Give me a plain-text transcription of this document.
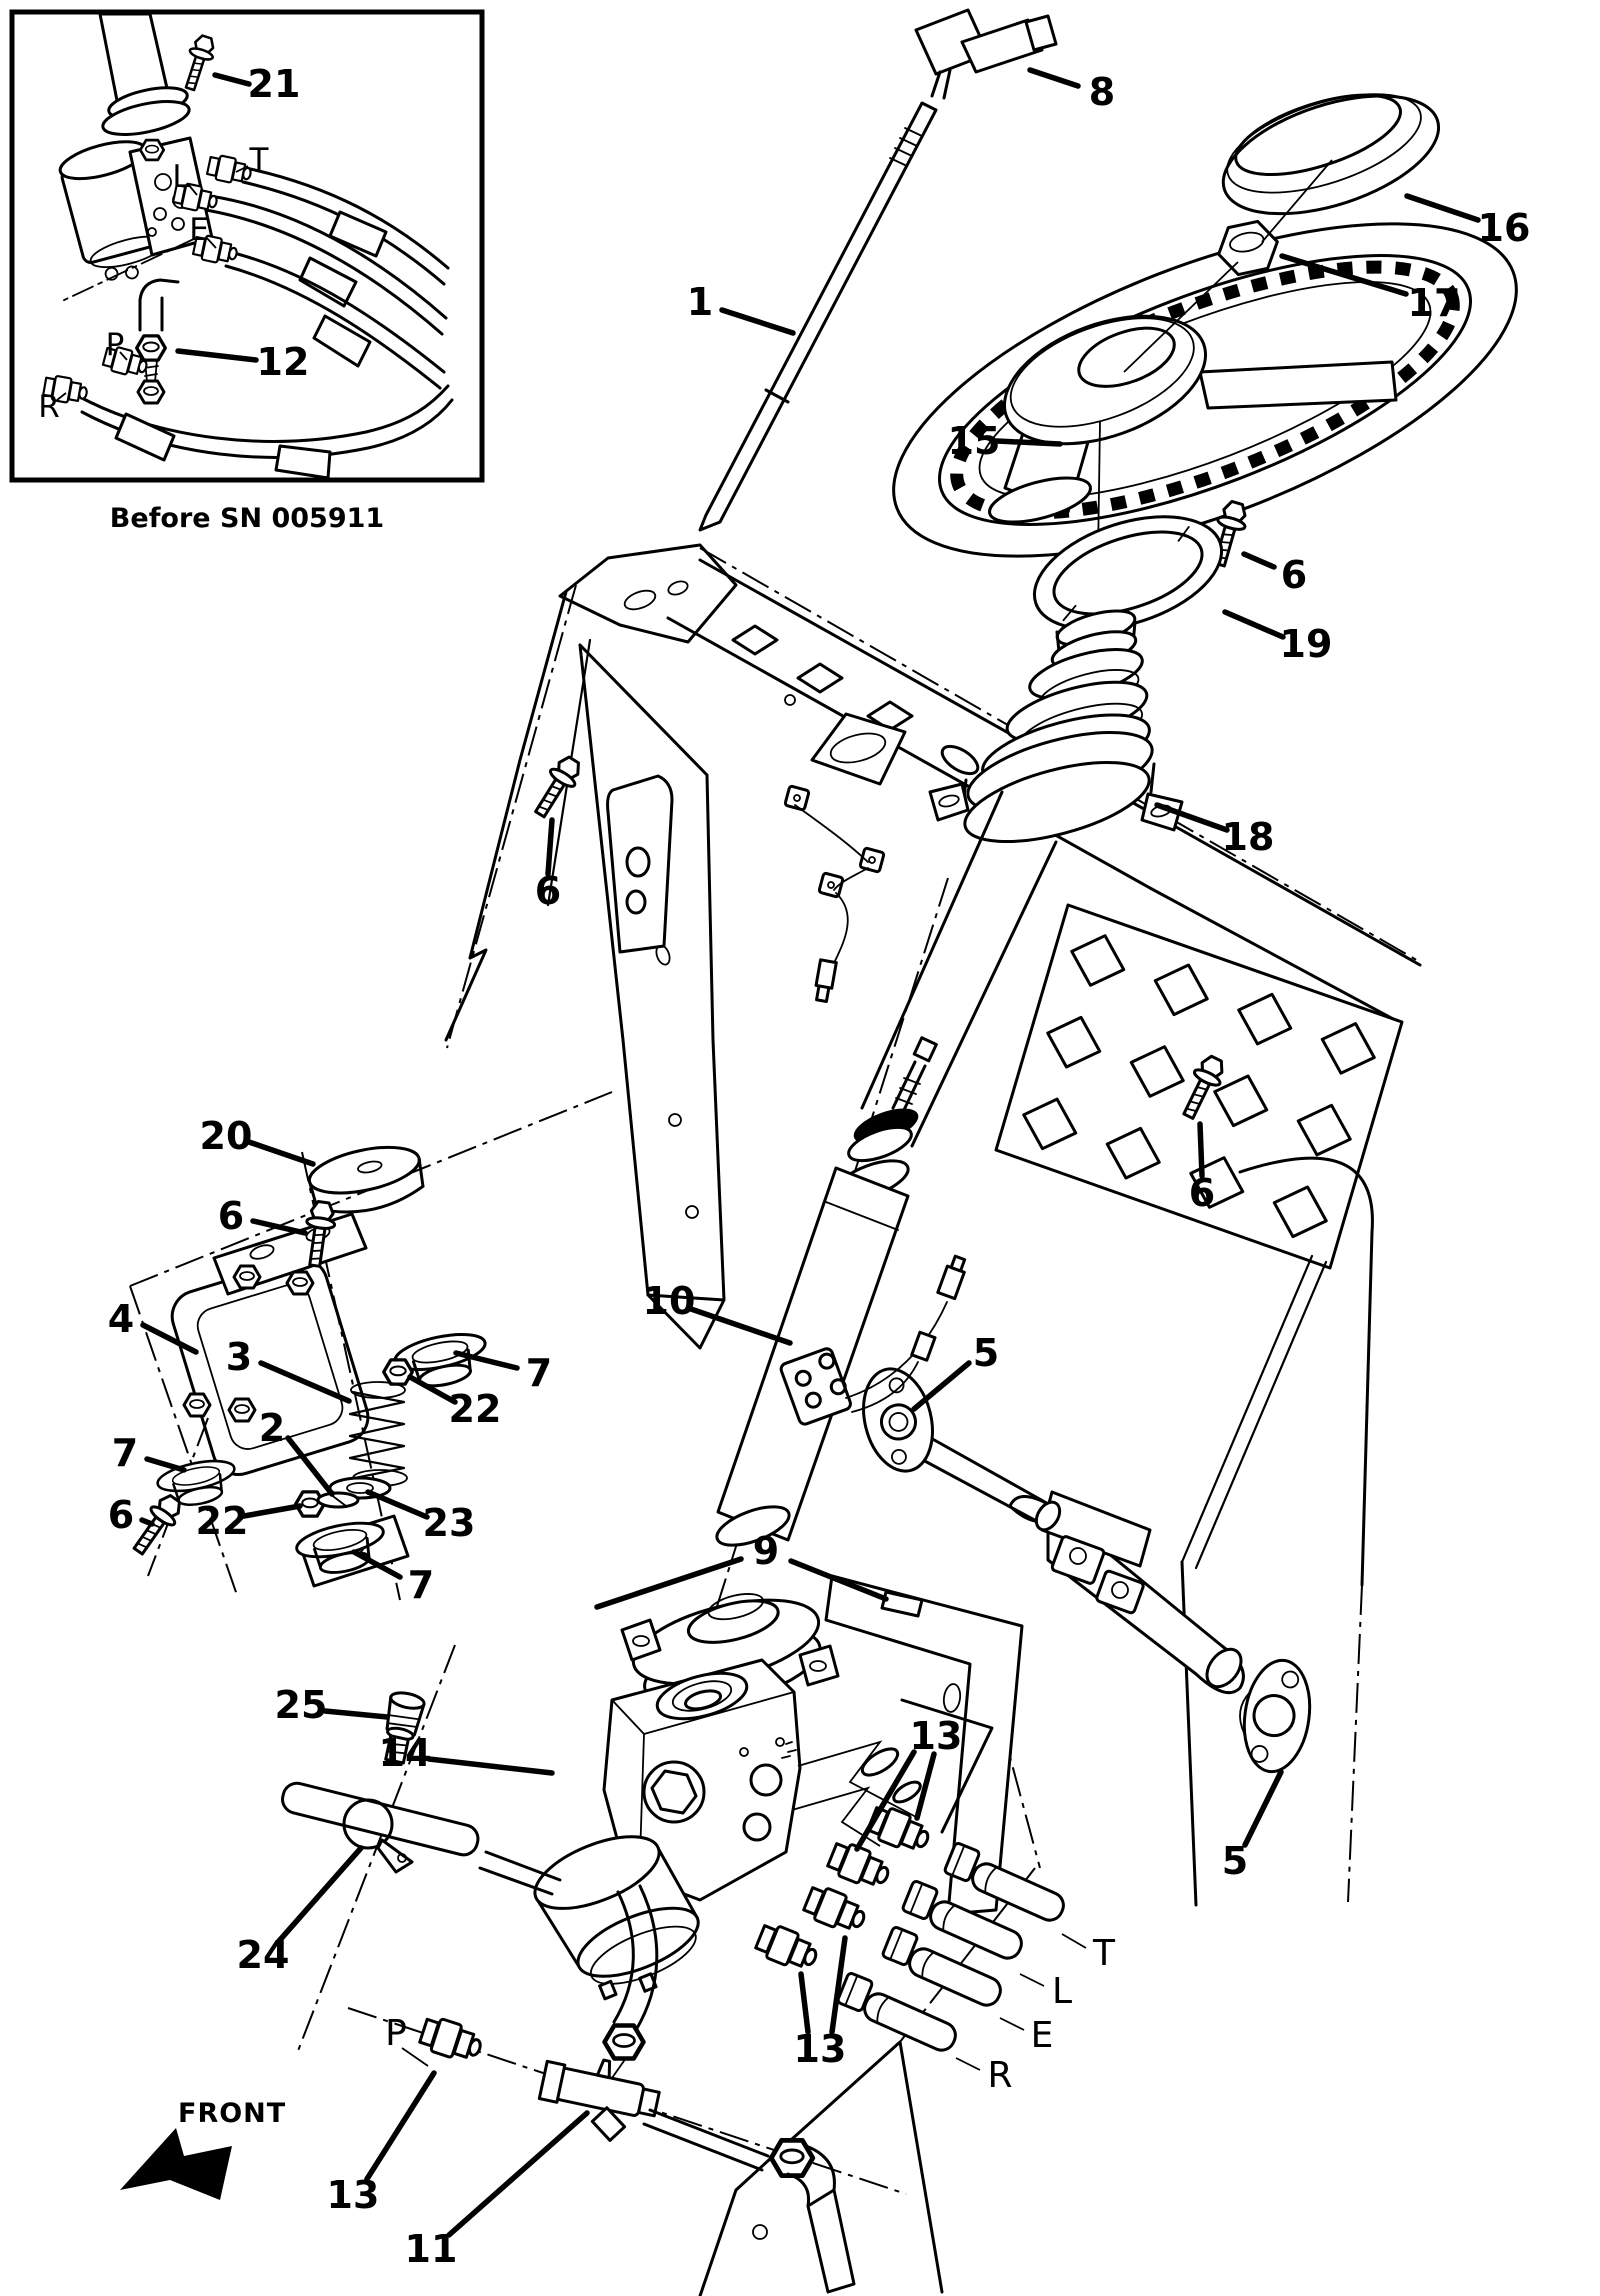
FRONT
Before SN 005911
8
1
16
17
15
6
19
18
6
6
20
6
4
3
2
7
22
7
6 22	23
7
10
5
9
13
14
25
24
13
5
11
13
21
12
T
L
E
R
P
T
L
E
P
R
